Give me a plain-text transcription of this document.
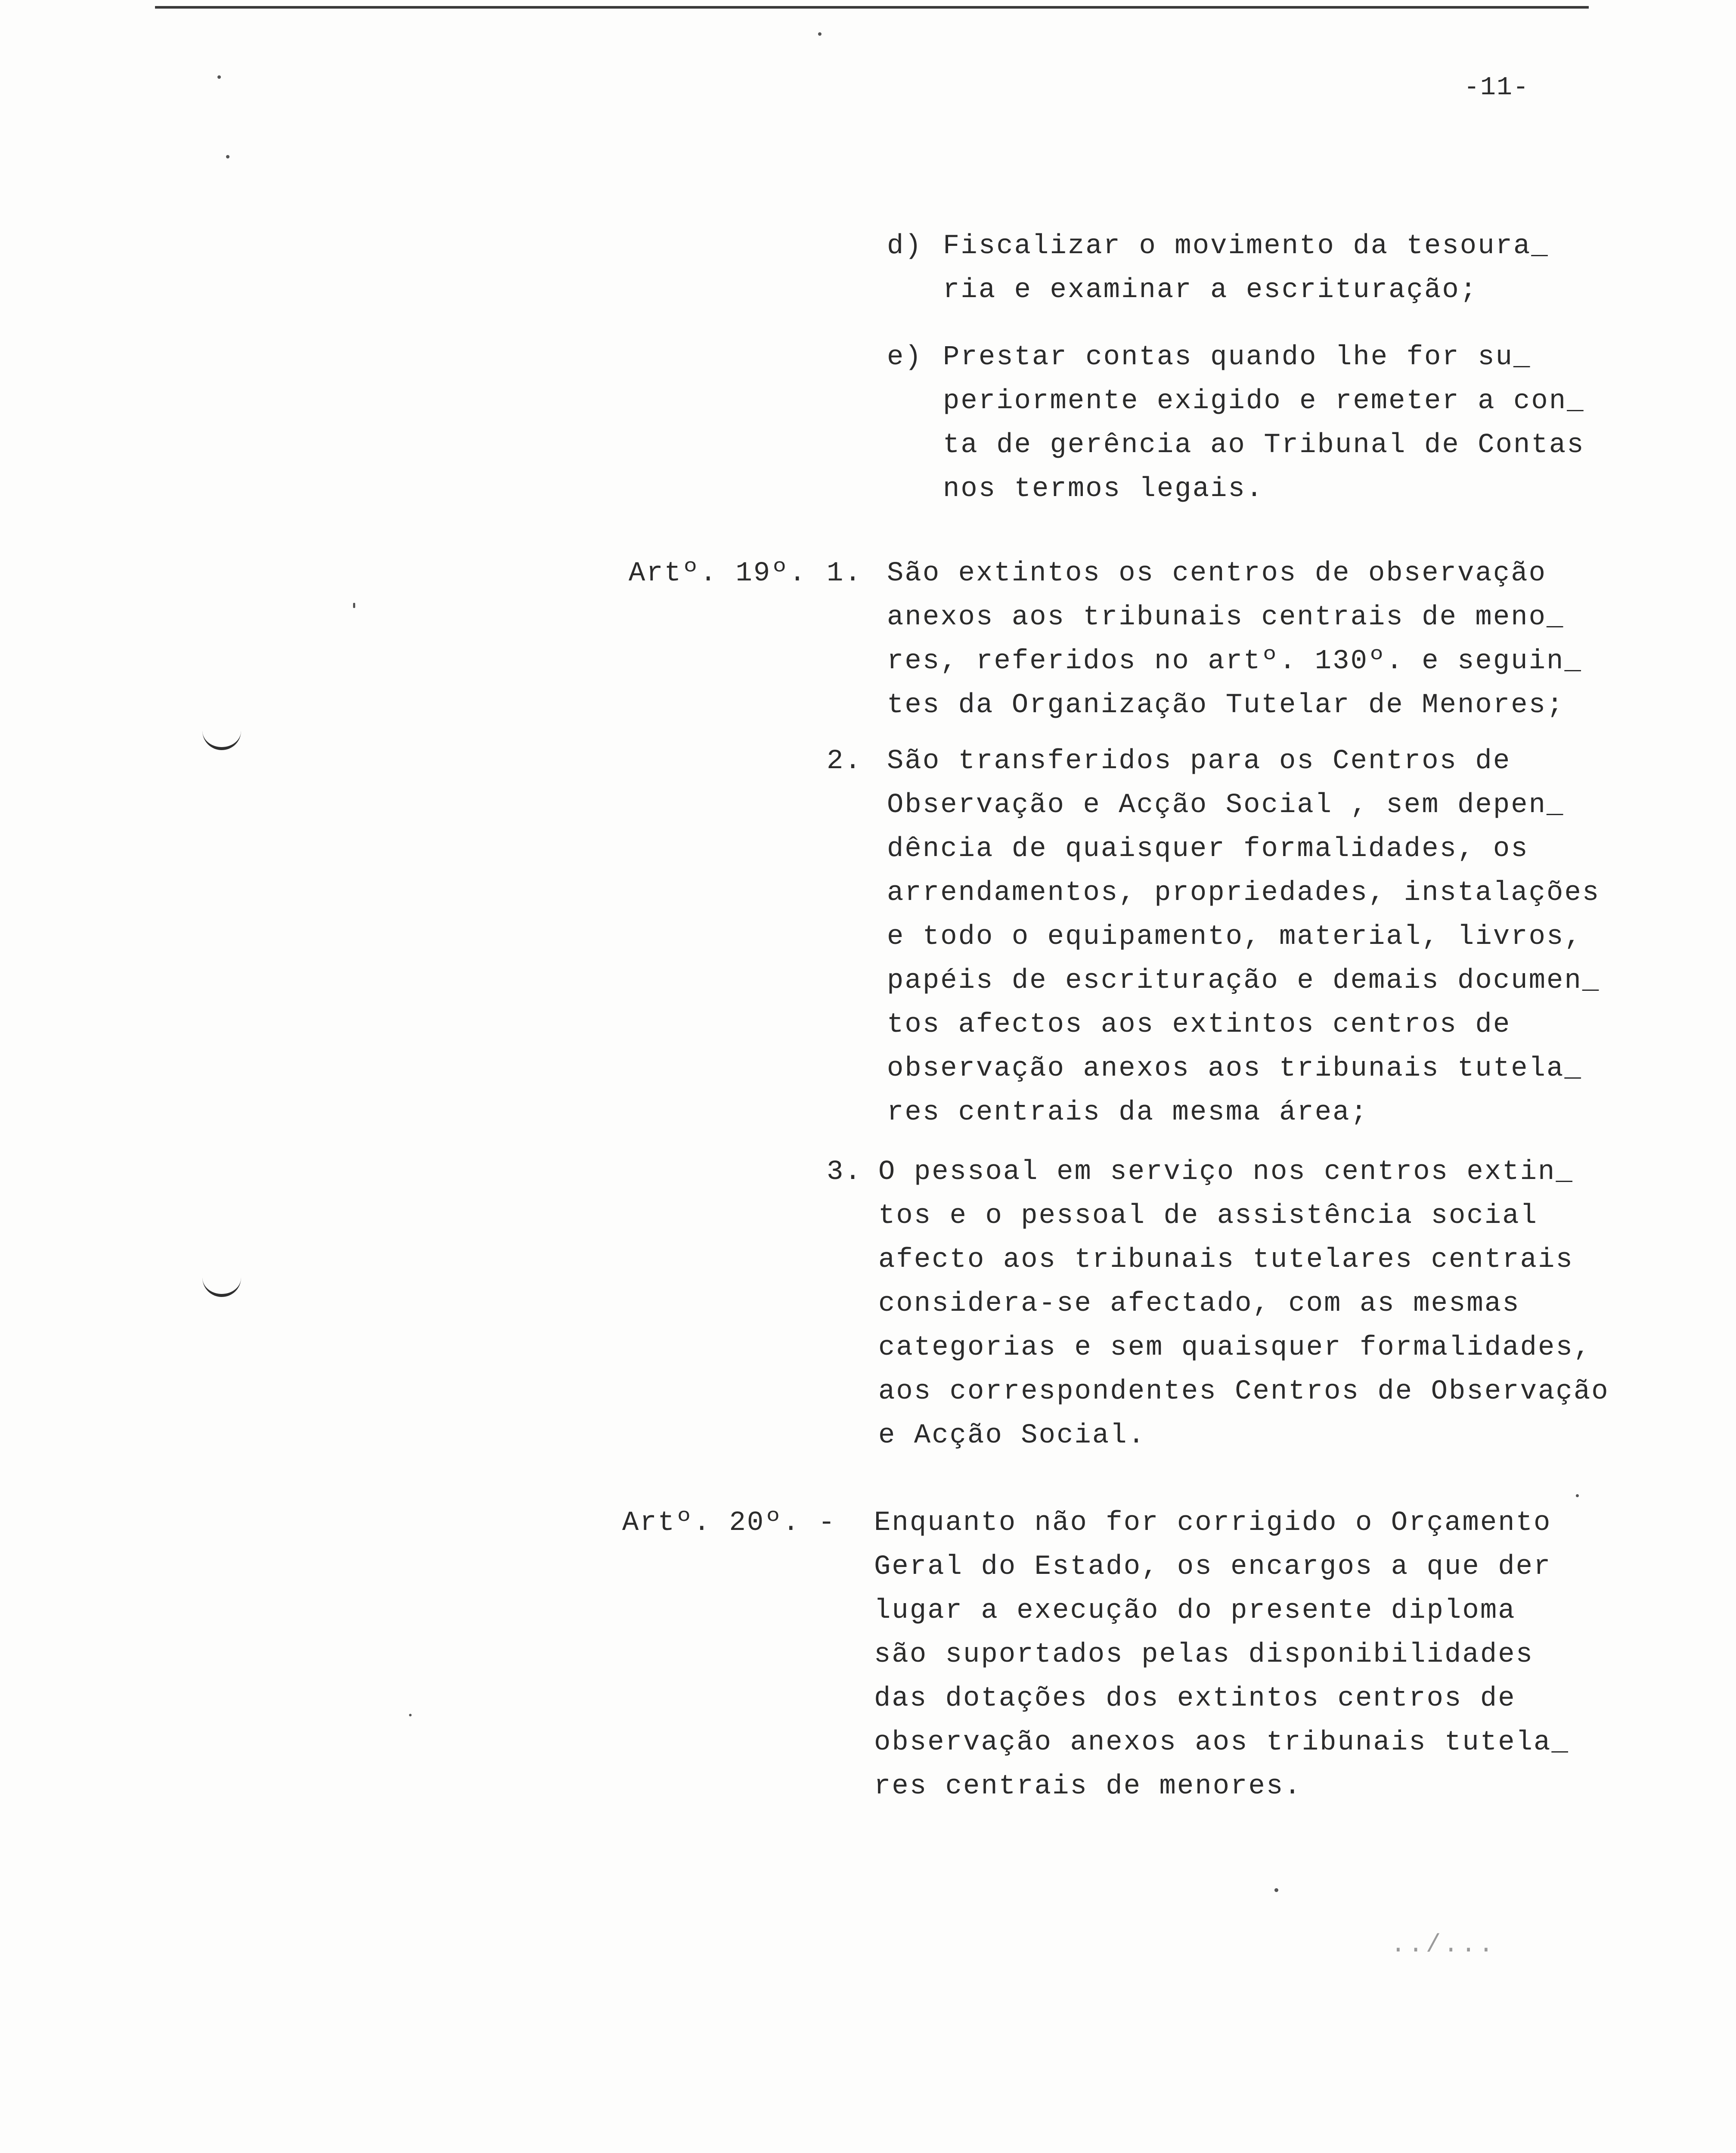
-11-
d) Fiscalizar o movimento da tesoura_
ria e examinar a escrituração;
e) Prestar contas quando lhe for su_
periormente exigido e remeter a con_
ta de gerência ao Tribunal de Contas
nos termos legais.
Artº. 19º. 1. São extintos os centros de observação
anexos aos tribunais centrais de meno_
res, referidos no artº. 130º. e seguin_
tes da Organização Tutelar de Menores;
2. São transferidos para os Centros de
Observação e Acção Social , sem depen_
dência de quaisquer formalidades, os
arrendamentos, propriedades, instalações
e todo o equipamento, material, livros,
papéis de escrituração e demais documen_
tos afectos aos extintos centros de
observação anexos aos tribunais tutela_
res centrais da mesma área;
3. O pessoal em serviço nos centros extin_
tos e o pessoal de assistência social
afecto aos tribunais tutelares centrais
considera-se afectado, com as mesmas
categorias e sem quaisquer formalidades,
aos correspondentes Centros de Observação
e Acção Social.
Artº. 20º. - Enquanto não for corrigido o Orçamento
Geral do Estado, os encargos a que der
lugar a execução do presente diploma
são suportados pelas disponibilidades
das dotações dos extintos centros de
observação anexos aos tribunais tutela_
res centrais de menores.
../...
